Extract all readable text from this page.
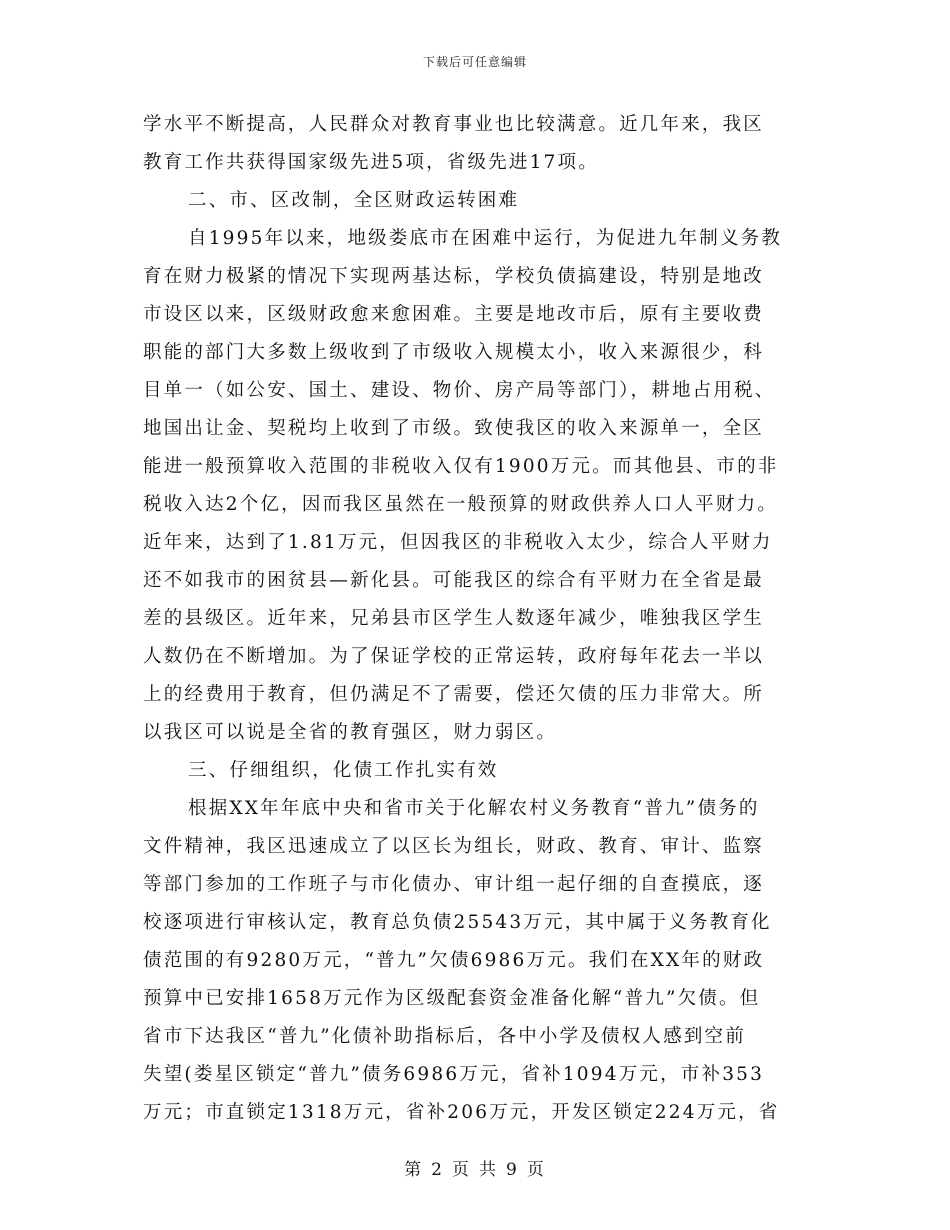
下载后可任意编辑
学水平不断提高，人民群众对教育事业也比较满意。近几年来，我区
教育工作共获得国家级先进5项，省级先进17项。
二、市、区改制，全区财政运转困难
自1995年以来，地级娄底市在困难中运行，为促进九年制义务教
育在财力极紧的情况下实现两基达标，学校负债搞建设，特别是地改
市设区以来，区级财政愈来愈困难。主要是地改市后，原有主要收费
职能的部门大多数上级收到了市级收入规模太小，收入来源很少，科
目单一（如公安、国土、建设、物价、房产局等部门），耕地占用税、
地国出让金、契税均上收到了市级。致使我区的收入来源单一，全区
能进一般预算收入范围的非税收入仅有1900万元。而其他县、市的非
税收入达2个亿，因而我区虽然在一般预算的财政供养人口人平财力。
近年来，达到了1.81万元，但因我区的非税收入太少，综合人平财力
还不如我市的困贫县—新化县。可能我区的综合有平财力在全省是最
差的县级区。近年来，兄弟县市区学生人数逐年减少，唯独我区学生
人数仍在不断增加。为了保证学校的正常运转，政府每年花去一半以
上的经费用于教育，但仍满足不了需要，偿还欠债的压力非常大。所
以我区可以说是全省的教育强区，财力弱区。
三、仔细组织，化债工作扎实有效
根据XX年年底中央和省市关于化解农村义务教育“普九”债务的
文件精神，我区迅速成立了以区长为组长，财政、教育、审计、监察
等部门参加的工作班子与市化债办、审计组一起仔细的自查摸底，逐
校逐项进行审核认定，教育总负债25543万元，其中属于义务教育化
债范围的有9280万元，“普九”欠债6986万元。我们在XX年的财政
预算中已安排1658万元作为区级配套资金准备化解“普九”欠债。但
省市下达我区“普九”化债补助指标后，各中小学及债权人感到空前
失望(娄星区锁定“普九”债务6986万元，省补1094万元，市补353
万元；市直锁定1318万元，省补206万元，开发区锁定224万元，省
第 2 页 共 9 页
